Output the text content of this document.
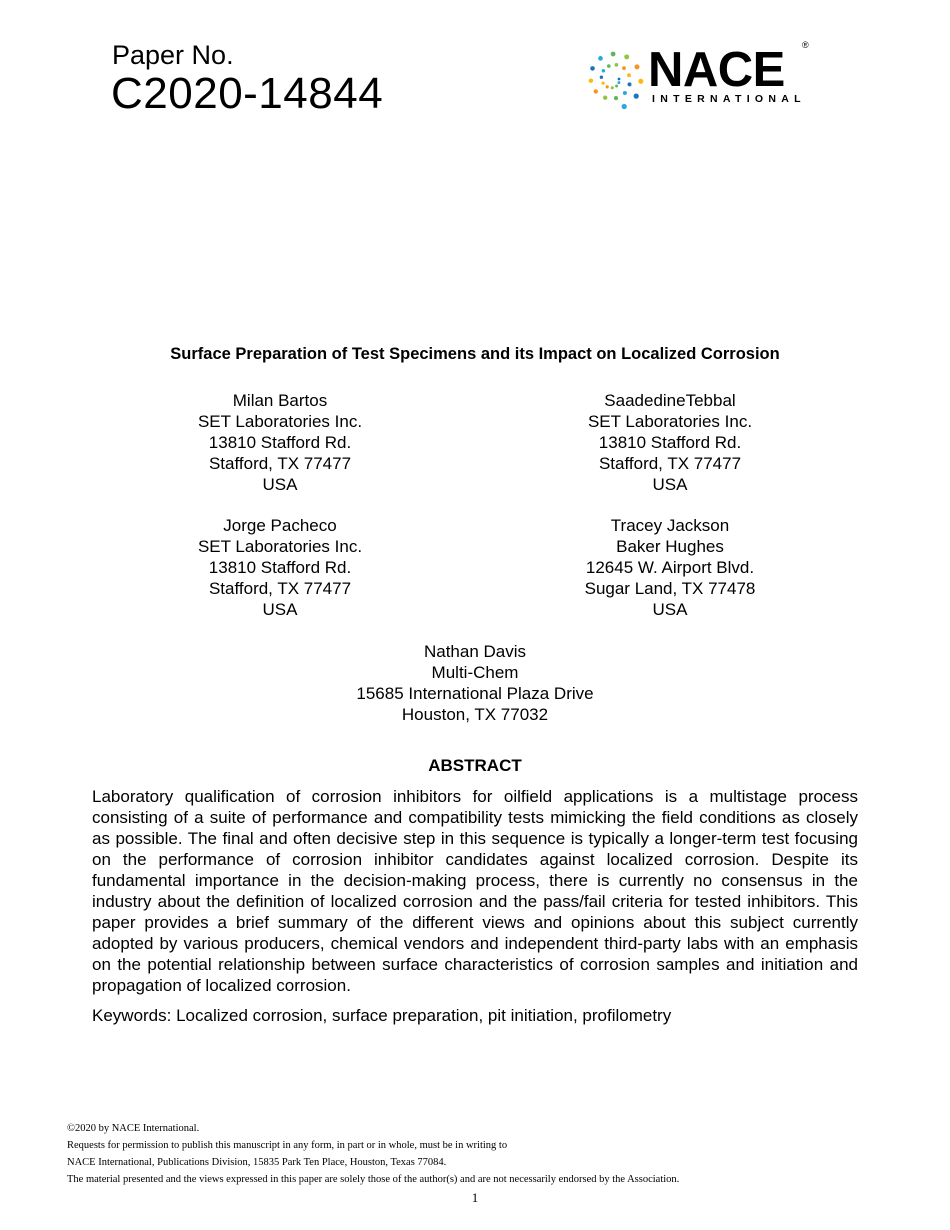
Paper No.
C2020-14844	NACE
INTERNATIONAL
®
Surface Preparation of Test Specimens and its Impact on Localized Corrosion
Milan Bartos
SET Laboratories Inc.
13810 Stafford Rd.
Stafford, TX 77477
USA
SaadedineTebbal
SET Laboratories Inc.
13810 Stafford Rd.
Stafford, TX 77477
USA
Jorge Pacheco
SET Laboratories Inc.
13810 Stafford Rd.
Stafford, TX 77477
USA
Tracey Jackson
Baker Hughes
12645 W. Airport Blvd.
Sugar Land, TX 77478
USA
Nathan Davis
Multi-Chem
15685 International Plaza Drive
Houston, TX 77032
ABSTRACT
Laboratory qualification of corrosion inhibitors for oilfield applications is a multistage process consisting of a suite of performance and compatibility tests mimicking the field conditions as closely as possible. The final and often decisive step in this sequence is typically a longer-term test focusing on the performance of corrosion inhibitor candidates against localized corrosion. Despite its fundamental importance in the decision-making process, there is currently no consensus in the industry about the definition of localized corrosion and the pass/fail criteria for tested inhibitors. This paper provides a brief summary of the different views and opinions about this subject currently adopted by various producers, chemical vendors and independent third-party labs with an emphasis on the potential relationship between surface characteristics of corrosion samples and initiation and propagation of localized corrosion.
Keywords: Localized corrosion, surface preparation, pit initiation, profilometry
©2020 by NACE International.
Requests for permission to publish this manuscript in any form, in part or in whole, must be in writing to
NACE International, Publications Division, 15835 Park Ten Place, Houston, Texas 77084.
The material presented and the views expressed in this paper are solely those of the author(s) and are not necessarily endorsed by the Association.
1
